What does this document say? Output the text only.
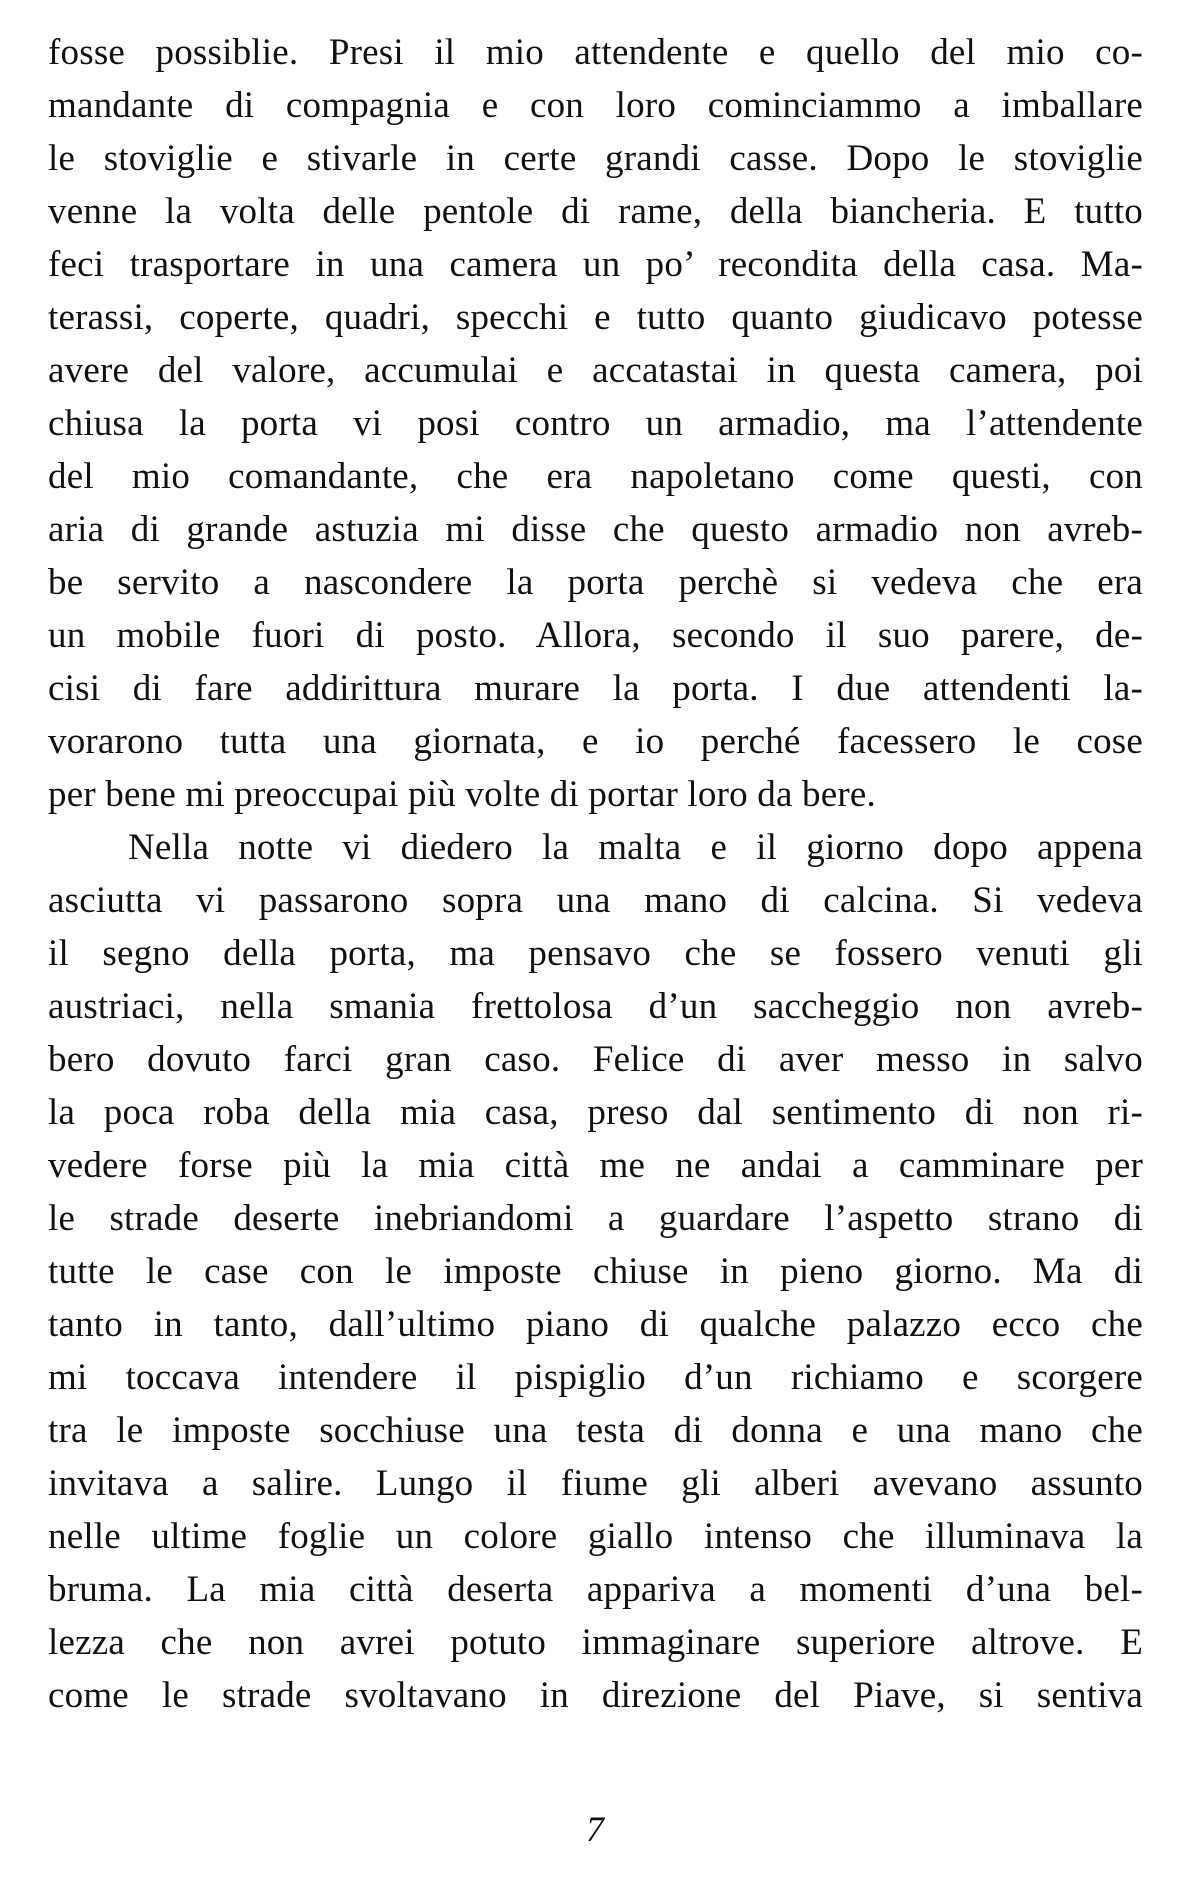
fosse possiblie. Presi il mio attendente e quello del mio co-
mandante di compagnia e con loro cominciammo a imballare
le stoviglie e stivarle in certe grandi casse. Dopo le stoviglie
venne la volta delle pentole di rame, della biancheria. E tutto
feci trasportare in una camera un po’ recondita della casa. Ma-
terassi, coperte, quadri, specchi e tutto quanto giudicavo potesse
avere del valore, accumulai e accatastai in questa camera, poi
chiusa la porta vi posi contro un armadio, ma l’attendente
del mio comandante, che era napoletano come questi, con
aria di grande astuzia mi disse che questo armadio non avreb-
be servito a nascondere la porta perchè si vedeva che era
un mobile fuori di posto. Allora, secondo il suo parere, de-
cisi di fare addirittura murare la porta. I due attendenti la-
vorarono tutta una giornata, e io perché facessero le cose
per bene mi preoccupai più volte di portar loro da bere.
Nella notte vi diedero la malta e il giorno dopo appena
asciutta vi passarono sopra una mano di calcina. Si vedeva
il segno della porta, ma pensavo che se fossero venuti gli
austriaci, nella smania frettolosa d’un saccheggio non avreb-
bero dovuto farci gran caso. Felice di aver messo in salvo
la poca roba della mia casa, preso dal sentimento di non ri-
vedere forse più la mia città me ne andai a camminare per
le strade deserte inebriandomi a guardare l’aspetto strano di
tutte le case con le imposte chiuse in pieno giorno. Ma di
tanto in tanto, dall’ultimo piano di qualche palazzo ecco che
mi toccava intendere il pispiglio d’un richiamo e scorgere
tra le imposte socchiuse una testa di donna e una mano che
invitava a salire. Lungo il fiume gli alberi avevano assunto
nelle ultime foglie un colore giallo intenso che illuminava la
bruma. La mia città deserta appariva a momenti d’una bel-
lezza che non avrei potuto immaginare superiore altrove. E
come le strade svoltavano in direzione del Piave, si sentiva
7
